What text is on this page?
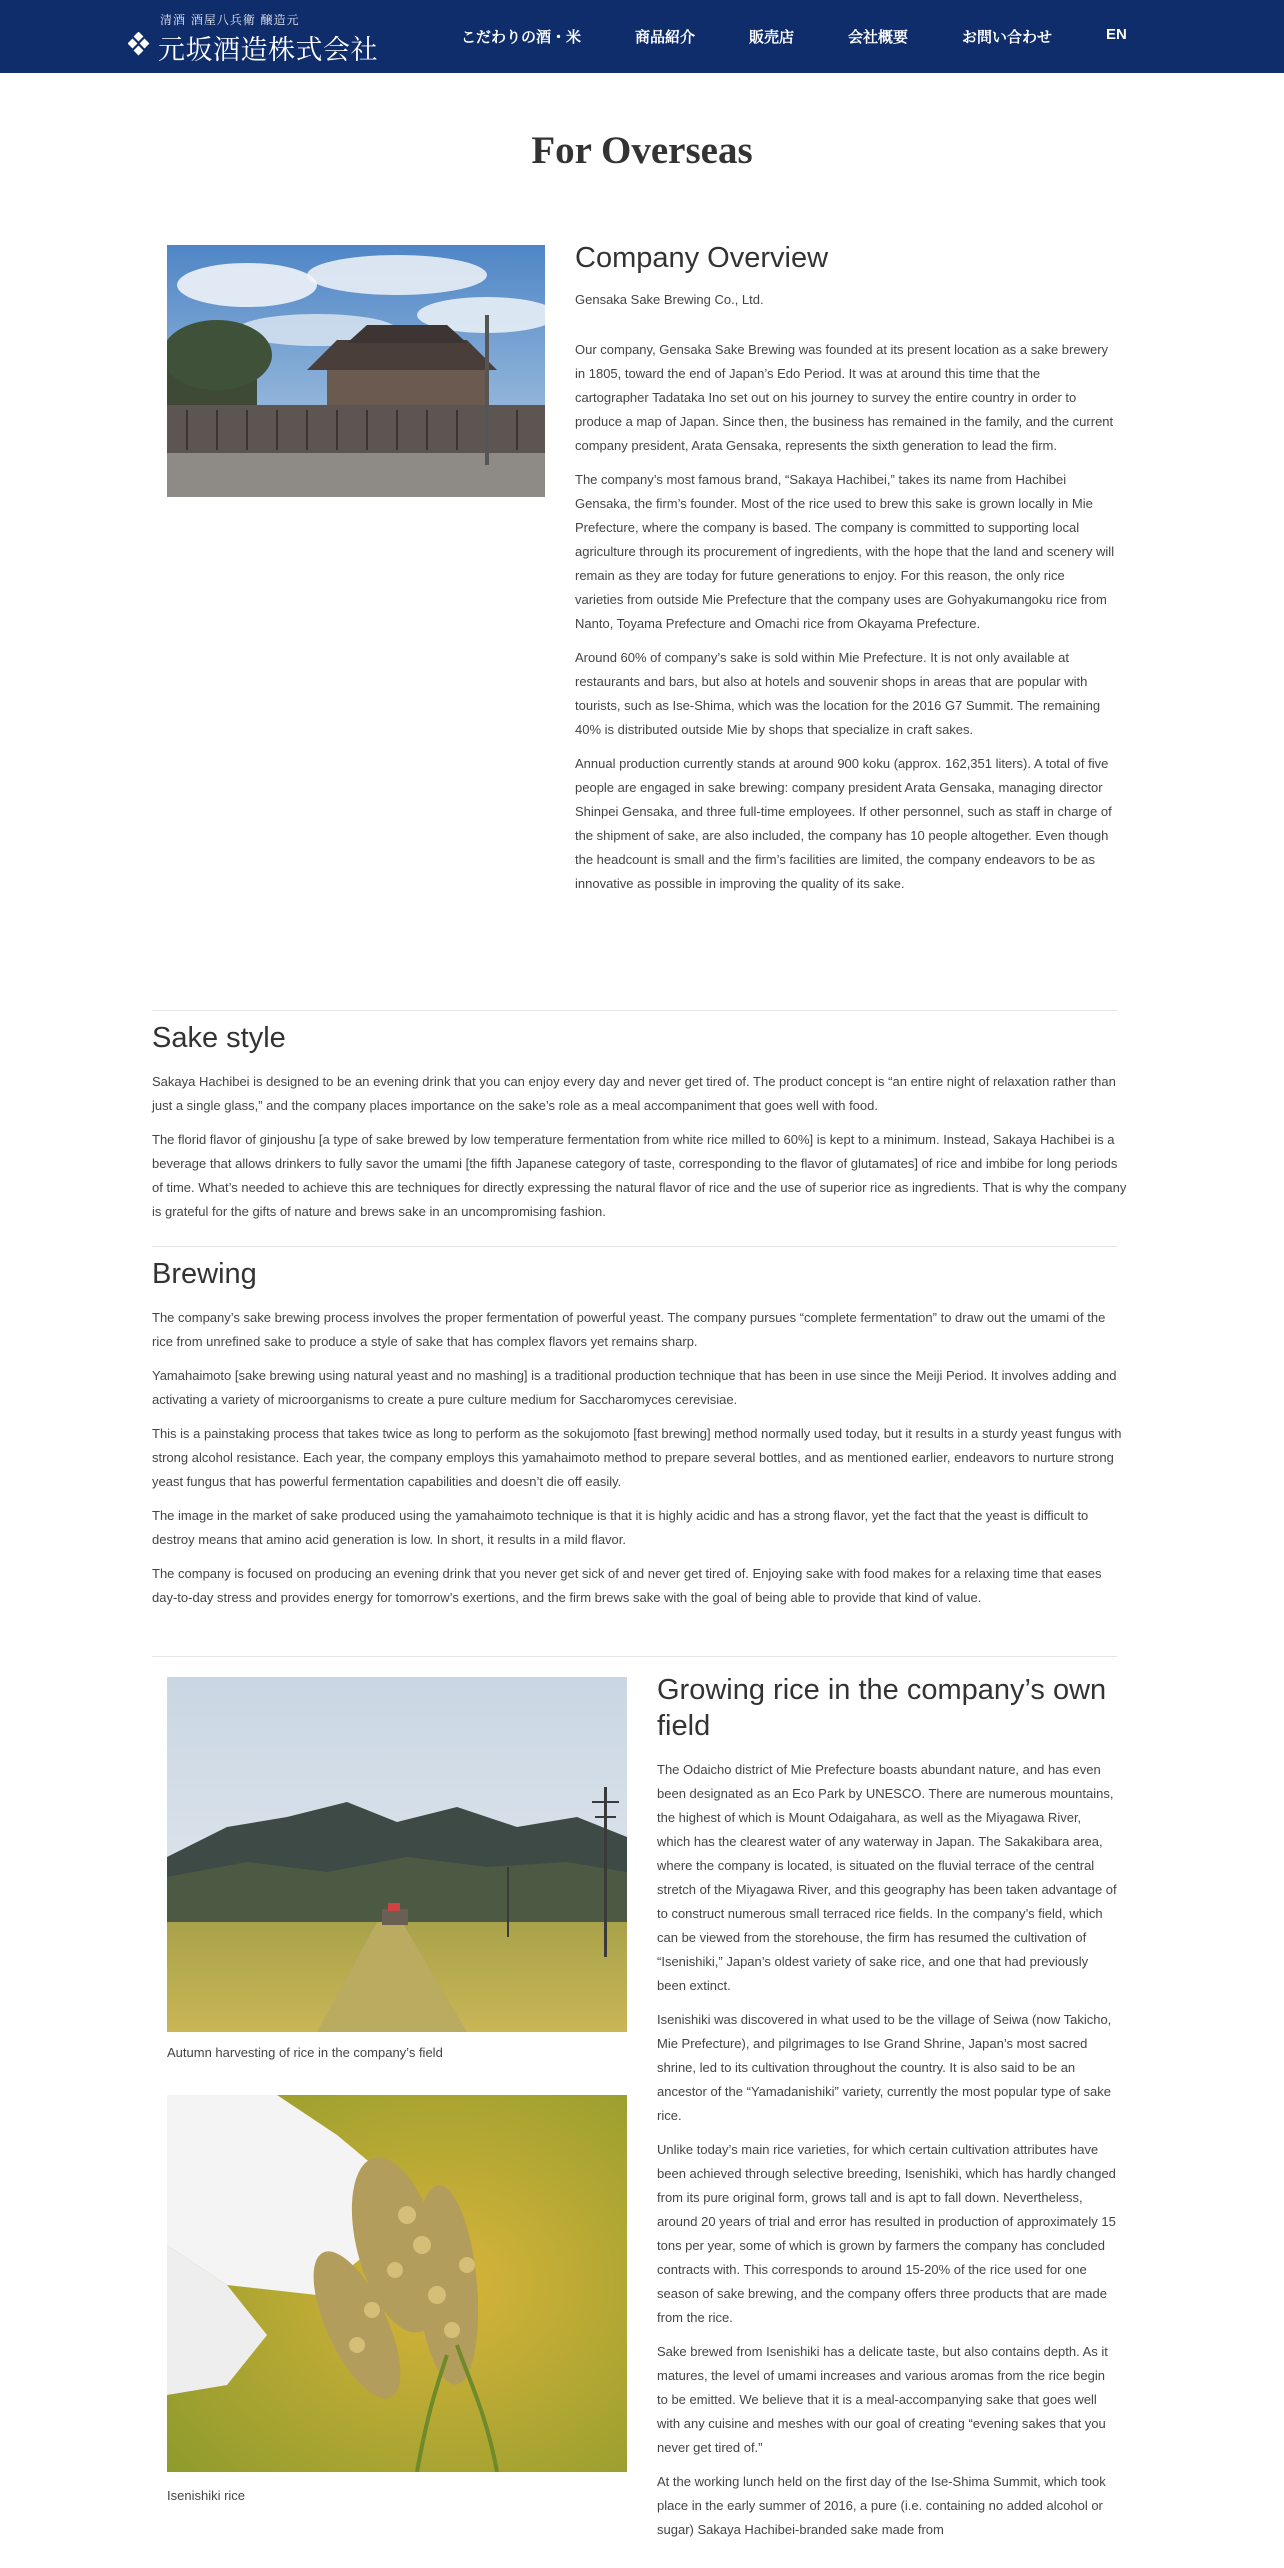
清酒 酒屋八兵衛 醸造元
元坂酒造株式会社	こだわりの酒・米	商品紹介	販売店	会社概要	お問い合わせ	EN
For Overseas
Company Overview

Gensaka Sake Brewing Co., Ltd.

Our company, Gensaka Sake Brewing was founded at its present location as a sake brewery in 1805, toward the end of Japan’s Edo Period. It was at around this time that the cartographer Tadataka Ino set out on his journey to survey the entire country in order to produce a map of Japan. Since then, the business has remained in the family, and the current company president, Arata Gensaka, represents the sixth generation to lead the firm.

The company’s most famous brand, “Sakaya Hachibei,” takes its name from Hachibei Gensaka, the firm’s founder. Most of the rice used to brew this sake is grown locally in Mie Prefecture, where the company is based. The company is committed to supporting local agriculture through its procurement of ingredients, with the hope that the land and scenery will remain as they are today for future generations to enjoy. For this reason, the only rice varieties from outside Mie Prefecture that the company uses are Gohyakumangoku rice from Nanto, Toyama Prefecture and Omachi rice from Okayama Prefecture.

Around 60% of company’s sake is sold within Mie Prefecture. It is not only available at restaurants and bars, but also at hotels and souvenir shops in areas that are popular with tourists, such as Ise-Shima, which was the location for the 2016 G7 Summit. The remaining 40% is distributed outside Mie by shops that specialize in craft sakes.

Annual production currently stands at around 900 koku (approx. 162,351 liters). A total of five people are engaged in sake brewing: company president Arata Gensaka, managing director Shinpei Gensaka, and three full-time employees. If other personnel, such as staff in charge of the shipment of sake, are also included, the company has 10 people altogether. Even though the headcount is small and the firm’s facilities are limited, the company endeavors to be as innovative as possible in improving the quality of its sake.

Sake style

Sakaya Hachibei is designed to be an evening drink that you can enjoy every day and never get tired of. The product concept is “an entire night of relaxation rather than just a single glass,” and the company places importance on the sake’s role as a meal accompaniment that goes well with food.

The florid flavor of ginjoushu [a type of sake brewed by low temperature fermentation from white rice milled to 60%] is kept to a minimum. Instead, Sakaya Hachibei is a beverage that allows drinkers to fully savor the umami [the fifth Japanese category of taste, corresponding to the flavor of glutamates] of rice and imbibe for long periods of time. What’s needed to achieve this are techniques for directly expressing the natural flavor of rice and the use of superior rice as ingredients. That is why the company is grateful for the gifts of nature and brews sake in an uncompromising fashion.

Brewing

The company’s sake brewing process involves the proper fermentation of powerful yeast. The company pursues “complete fermentation” to draw out the umami of the rice from unrefined sake to produce a style of sake that has complex flavors yet remains sharp.

Yamahaimoto [sake brewing using natural yeast and no mashing] is a traditional production technique that has been in use since the Meiji Period. It involves adding and activating a variety of microorganisms to create a pure culture medium for Saccharomyces cerevisiae.

This is a painstaking process that takes twice as long to perform as the sokujomoto [fast brewing] method normally used today, but it results in a sturdy yeast fungus with strong alcohol resistance. Each year, the company employs this yamahaimoto method to prepare several bottles, and as mentioned earlier, endeavors to nurture strong yeast fungus that has powerful fermentation capabilities and doesn’t die off easily.

The image in the market of sake produced using the yamahaimoto technique is that it is highly acidic and has a strong flavor, yet the fact that the yeast is difficult to destroy means that amino acid generation is low. In short, it results in a mild flavor.

The company is focused on producing an evening drink that you never get sick of and never get tired of. Enjoying sake with food makes for a relaxing time that eases day-to-day stress and provides energy for tomorrow’s exertions, and the firm brews sake with the goal of being able to provide that kind of value.

Autumn harvesting of rice in the company’s field
Isenishiki rice
Growing rice in the company’s own field

The Odaicho district of Mie Prefecture boasts abundant nature, and has even been designated as an Eco Park by UNESCO. There are numerous mountains, the highest of which is Mount Odaigahara, as well as the Miyagawa River, which has the clearest water of any waterway in Japan. The Sakakibara area, where the company is located, is situated on the fluvial terrace of the central stretch of the Miyagawa River, and this geography has been taken advantage of to construct numerous small terraced rice fields. In the company’s field, which can be viewed from the storehouse, the firm has resumed the cultivation of “Isenishiki,” Japan’s oldest variety of sake rice, and one that had previously been extinct.

Isenishiki was discovered in what used to be the village of Seiwa (now Takicho, Mie Prefecture), and pilgrimages to Ise Grand Shrine, Japan’s most sacred shrine, led to its cultivation throughout the country. It is also said to be an ancestor of the “Yamadanishiki” variety, currently the most popular type of sake rice.

Unlike today’s main rice varieties, for which certain cultivation attributes have been achieved through selective breeding, Isenishiki, which has hardly changed from its pure original form, grows tall and is apt to fall down. Nevertheless, around 20 years of trial and error has resulted in production of approximately 15 tons per year, some of which is grown by farmers the company has concluded contracts with. This corresponds to around 15-20% of the rice used for one season of sake brewing, and the company offers three products that are made from the rice.

Sake brewed from Isenishiki has a delicate taste, but also contains depth. As it matures, the level of umami increases and various aromas from the rice begin to be emitted. We believe that it is a meal-accompanying sake that goes well with any cuisine and meshes with our goal of creating “evening sakes that you never get tired of.”

At the working lunch held on the first day of the Ise-Shima Summit, which took place in the early summer of 2016, a pure (i.e. containing no added alcohol or sugar) Sakaya Hachibei-branded sake made from
